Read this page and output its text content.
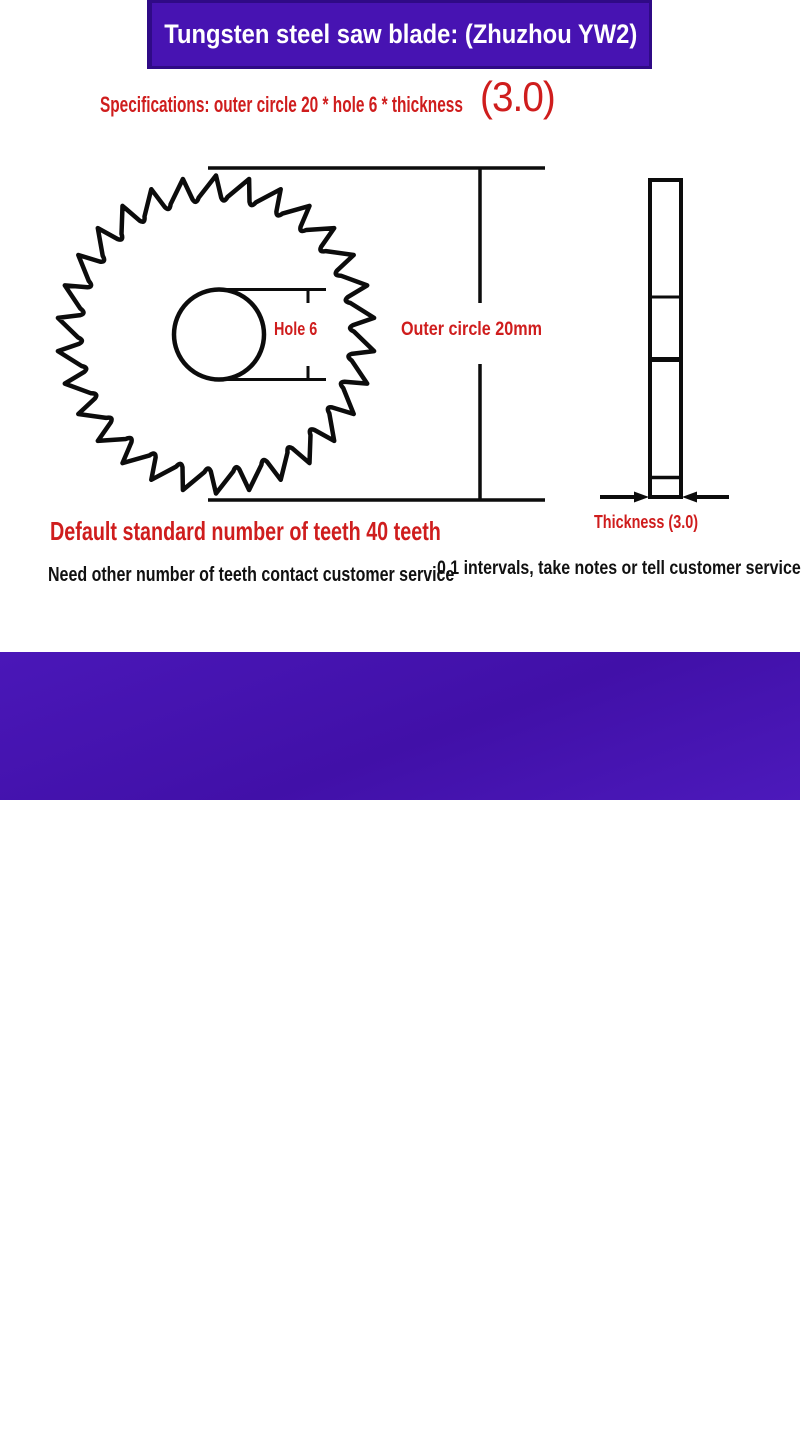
Tungsten steel saw blade: (Zhuzhou YW2)
Specifications: outer circle 20 * hole 6 * thickness (3.0)
Hole 6	Outer circle 20mm
Thickness (3.0)
Default standard number of teeth 40 teeth
Need other number of teeth contact customer service
0.1 intervals, take notes or tell customer service
Real factory direct professional non-calibration
Customized various diameters Thickness Number of teeth, etc.
